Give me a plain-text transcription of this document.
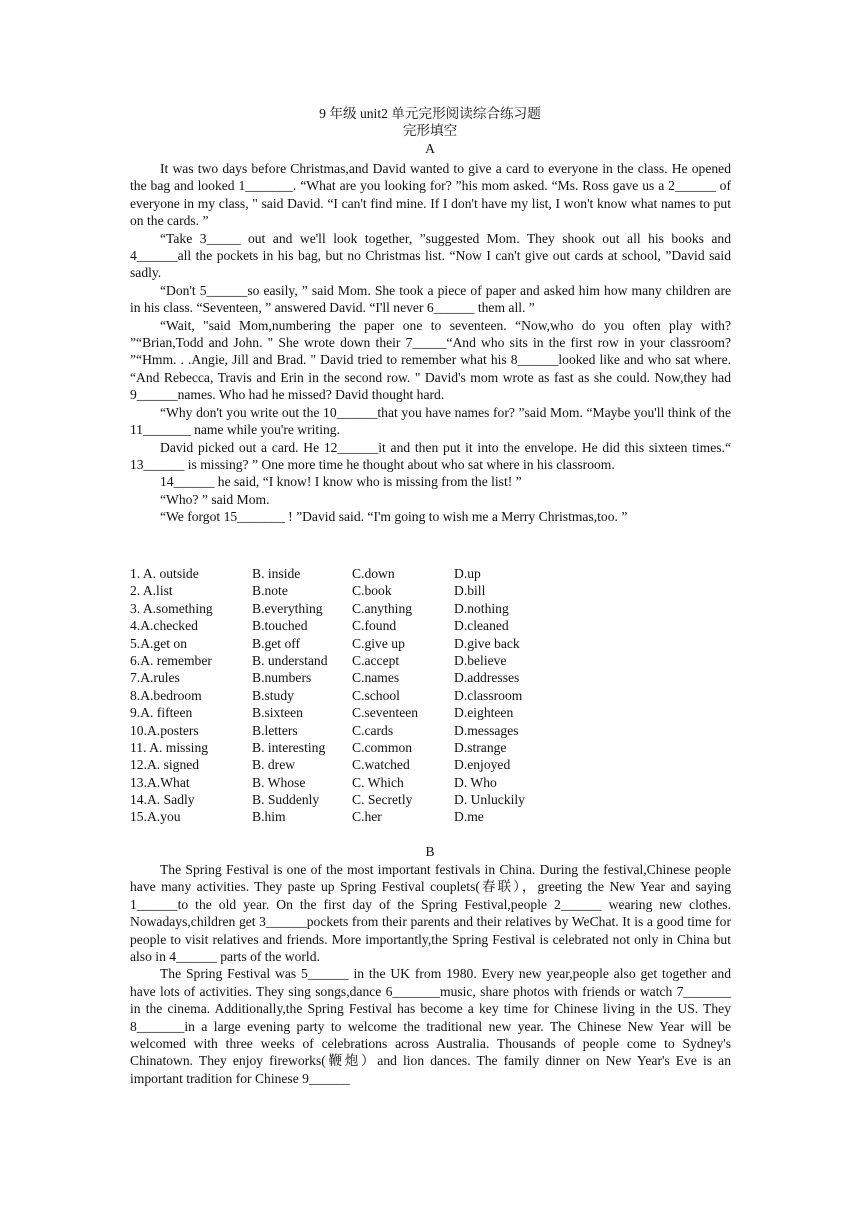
9 年级 unit2 单元完形阅读综合练习题
完形填空
A

It was two days before Christmas,and David wanted to give a card to everyone in the class. He opened the bag and looked 1_______. “What are you looking for? ”his mom asked. “Ms. Ross gave us a 2______ of everyone in my class, " said David. “I can't find mine. If I don't have my list, I won't know what names to put on the cards. ”

“Take 3_____ out and we'll look together, ”suggested Mom. They shook out all his books and 4______all the pockets in his bag, but no Christmas list. “Now I can't give out cards at school, ”David said sadly.

“Don't 5______so easily, ” said Mom. She took a piece of paper and asked him how many children are in his class. “Seventeen, ” answered David. “I'll never 6______ them all. ”

“Wait, "said Mom,numbering the paper one to seventeen. “Now,who do you often play with? ”“Brian,Todd and John. " She wrote down their 7_____“And who sits in the first row in your classroom? ”“Hmm. . .Angie, Jill and Brad. " David tried to remember what his 8______looked like and who sat where. “And Rebecca, Travis and Erin in the second row. " David's mom wrote as fast as she could. Now,they had 9______names. Who had he missed? David thought hard.

“Why don't you write out the 10______that you have names for? ”said Mom. “Maybe you'll think of the 11_______ name while you're writing.

David picked out a card. He 12______it and then put it into the envelope. He did this sixteen times.“ 13______ is missing? ” One more time he thought about who sat where in his classroom.

14______ he said, “I know! I know who is missing from the list! ”

“Who? ” said Mom.

“We forgot 15_______ ! ”David said. “I'm going to wish me a Merry Christmas,too. ”

1. A. outside	B. inside	C.down	D.up
2. A.list	B.note	C.book	D.bill
3. A.something	B.everything	C.anything	D.nothing
4.A.checked	B.touched	C.found	D.cleaned
5.A.get on	B.get off	C.give up	D.give back
6.A. remember	B. understand	C.accept	D.believe
7.A.rules	B.numbers	C.names	D.addresses
8.A.bedroom	B.study	C.school	D.classroom
9.A. fifteen	B.sixteen	C.seventeen	D.eighteen
10.A.posters	B.letters	C.cards	D.messages
11. A. missing	B. interesting	C.common	D.strange
12.A. signed	B. drew	C.watched	D.enjoyed
13.A.What	B. Whose	C. Which	D. Who
14.A. Sadly	B. Suddenly	C. Secretly	D. Unluckily
15.A.you	B.him	C.her	D.me
B

The Spring Festival is one of the most important festivals in China. During the festival,Chinese people have many activities. They paste up Spring Festival couplets(春联），greeting the New Year and saying 1______to the old year. On the first day of the Spring Festival,people 2______ wearing new clothes. Nowadays,children get 3______pockets from their parents and their relatives by WeChat. It is a good time for people to visit relatives and friends. More importantly,the Spring Festival is celebrated not only in China but also in 4______ parts of the world.

The Spring Festival was 5______ in the UK from 1980. Every new year,people also get together and have lots of activities. They sing songs,dance 6_______music, share photos with friends or watch 7_______ in the cinema. Additionally,the Spring Festival has become a key time for Chinese living in the US. They 8_______in a large evening party to welcome the traditional new year. The Chinese New Year will be welcomed with three weeks of celebrations across Australia. Thousands of people come to Sydney's Chinatown. They enjoy fireworks(鞭炮）and lion dances. The family dinner on New Year's Eve is an important tradition for Chinese 9______
